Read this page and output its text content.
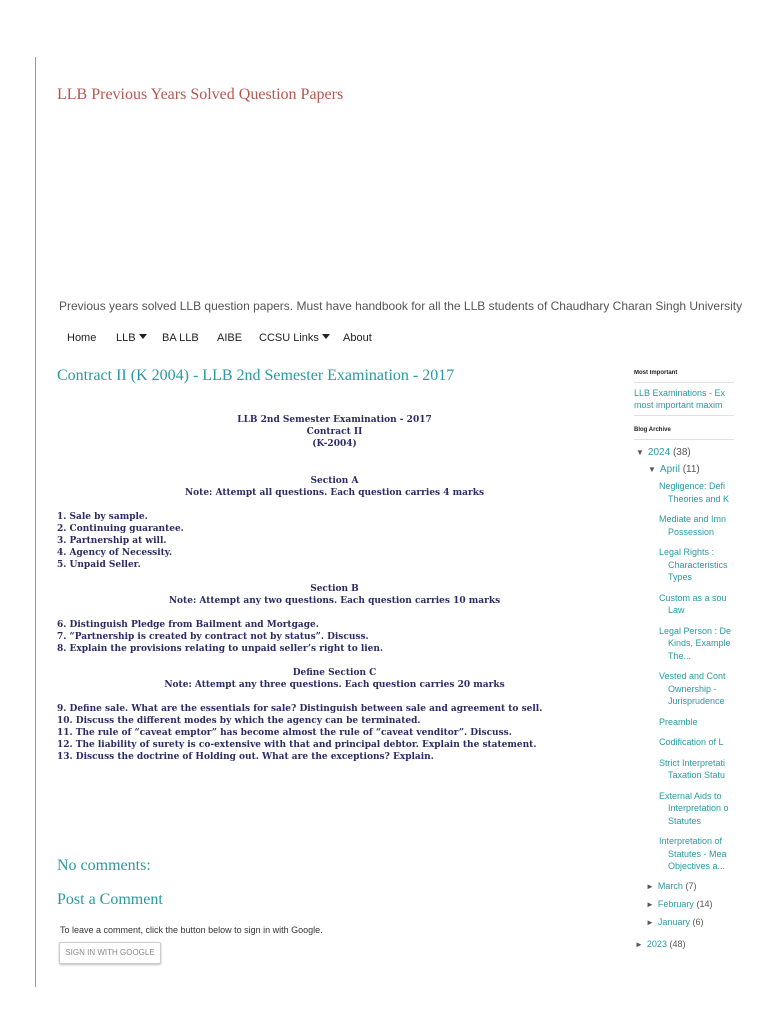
LLB Previous Years Solved Question Papers
Previous years solved LLB question papers. Must have handbook for all the LLB students of Chaudhary Charan Singh University
Home	LLB	BA LLB	AIBE	CCSU Links	About
Contract II (K 2004) - LLB 2nd Semester Examination - 2017
LLB 2nd Semester Examination - 2017
Contract II
(K-2004)
Section A
Note: Attempt all questions. Each question carries 4 marks
1. Sale by sample.
2. Continuing guarantee.
3. Partnership at will.
4. Agency of Necessity.
5. Unpaid Seller.
Section B
Note: Attempt any two questions. Each question carries 10 marks
6. Distinguish Pledge from Bailment and Mortgage.
7. “Partnership is created by contract not by status”. Discuss.
8. Explain the provisions relating to unpaid seller’s right to lien.
Define Section C
Note: Attempt any three questions. Each question carries 20 marks
9. Define sale. What are the essentials for sale? Distinguish between sale and agreement to sell.
10. Discuss the different modes by which the agency can be terminated.
11. The rule of “caveat emptor” has become almost the rule of “caveat venditor”. Discuss.
12. The liability of surety is co-extensive with that and principal debtor. Explain the statement.
13. Discuss the doctrine of Holding out. What are the exceptions? Explain.
No comments:
Post a Comment
To leave a comment, click the button below to sign in with Google.
SIGN IN WITH GOOGLE
Most Important
LLB Examinations - Ex
most important maxim
Blog Archive
▼ 2024 (38)
▼ April (11)
Negligence: Defi
Theories and K
Mediate and Imn
Possession
Legal Rights :
Characteristics
Types
Custom as a sou
Law
Legal Person : De
Kinds, Example
The...
Vested and Cont
Ownership -
Jurisprudence
Preamble
Codification of L
Strict Interpretati
Taxation Statu
External Aids to
Interpretation o
Statutes
Interpretation of
Statutes - Mea
Objectives a...
► March (7)
► February (14)
► January (6)
► 2023 (48)
